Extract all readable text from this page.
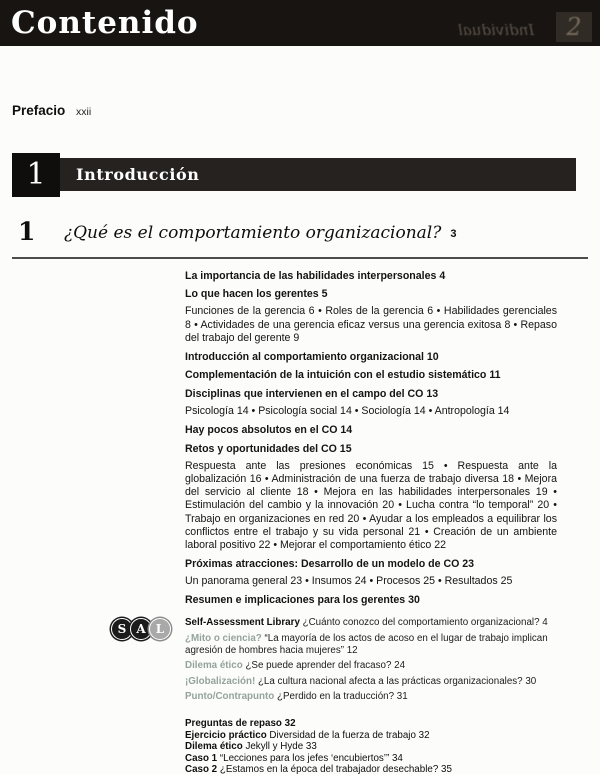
Contenido	Individual	2
Prefacio xxii
1	Introducción
1 ¿Qué es el comportamiento organizacional? 3
La importancia de las habilidades interpersonales 4
Lo que hacen los gerentes 5
Funciones de la gerencia 6 • Roles de la gerencia 6 • Habilidades gerenciales 8 • Actividades de una gerencia eficaz versus una gerencia exitosa 8 • Repaso del trabajo del gerente 9
Introducción al comportamiento organizacional 10
Complementación de la intuición con el estudio sistemático 11
Disciplinas que intervienen en el campo del CO 13
Psicología 14 • Psicología social 14 • Sociología 14 • Antropología 14
Hay pocos absolutos en el CO 14
Retos y oportunidades del CO 15
Respuesta ante las presiones económicas 15 • Respuesta ante la globalización 16 • Administración de una fuerza de trabajo diversa 18 • Mejora del servicio al cliente 18 • Mejora en las habilidades interpersonales 19 • Estimulación del cambio y la innovación 20 • Lucha contra “lo temporal” 20 • Trabajo en organizaciones en red 20 • Ayudar a los empleados a equilibrar los conflictos entre el trabajo y su vida personal 21 • Creación de un ambiente laboral positivo 22 • Mejorar el comportamiento ético 22
Próximas atracciones: Desarrollo de un modelo de CO 23
Un panorama general 23 • Insumos 24 • Procesos 25 • Resultados 25
Resumen e implicaciones para los gerentes 30
S A L	Self-Assessment Library ¿Cuánto conozco del comportamiento organizacional? 4
¿Mito o ciencia? “La mayoría de los actos de acoso en el lugar de trabajo implican agresión de hombres hacia mujeres” 12
Dilema ético ¿Se puede aprender del fracaso? 24
¡Globalización! ¿La cultura nacional afecta a las prácticas organizacionales? 30
Punto/Contrapunto ¿Perdido en la traducción? 31
Preguntas de repaso 32
Ejercicio práctico Diversidad de la fuerza de trabajo 32
Dilema ético Jekyll y Hyde 33
Caso 1 “Lecciones para los jefes ‘encubiertos’” 34
Caso 2 ¿Estamos en la época del trabajador desechable? 35
